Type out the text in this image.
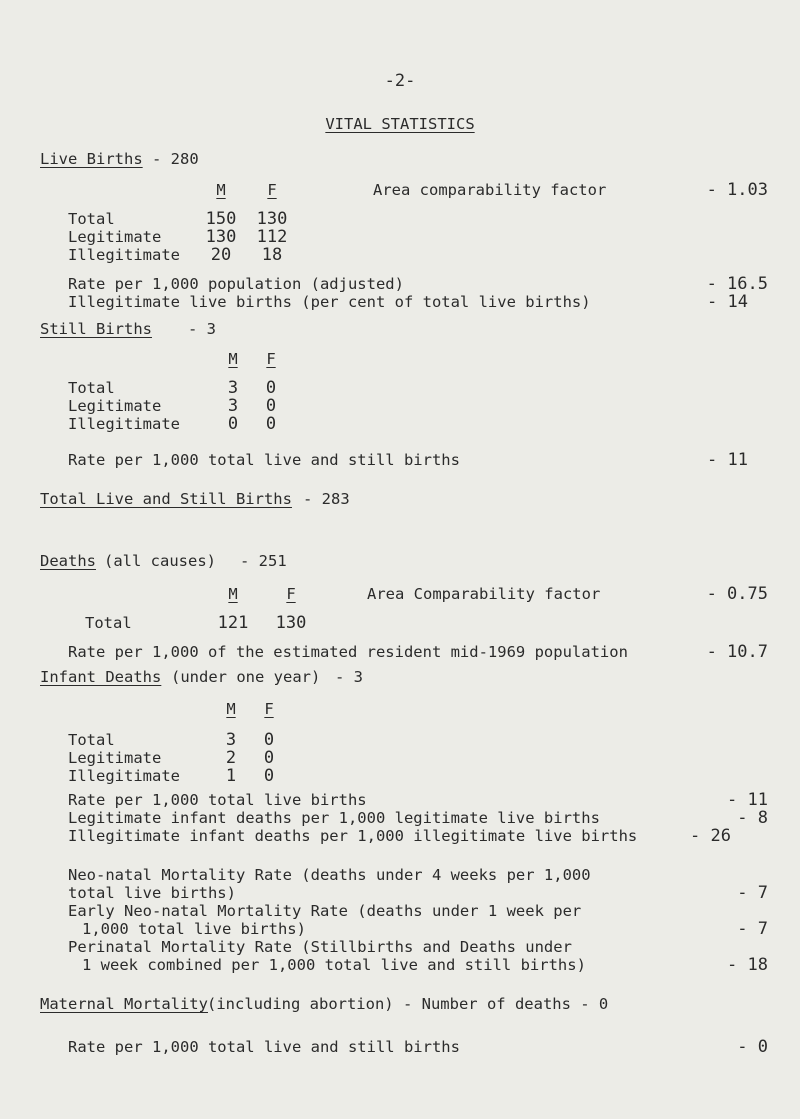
-2-
VITAL STATISTICS
Live Births - 280
M	F	Area comparability factor	- 1.03
Total	150 130
Legitimate	130 112
Illegitimate	20	18
Rate per 1,000 population (adjusted)	- 16.5
Illegitimate live births (per cent of total live births)	- 14
Still Births - 3
M	F
Total	3	0
Legitimate	3	0
Illegitimate	0	0
Rate per 1,000 total live and still births	- 11
Total Live and Still Births - 283
Deaths (all causes) - 251
M	F	Area Comparability factor	- 0.75
Total	121	130
Rate per 1,000 of the estimated resident mid-1969 population	- 10.7
Infant Deaths (under one year) - 3
M	F
Total	3	0
Legitimate	2	0
Illegitimate	1	0
Rate per 1,000 total live births	- 11
Legitimate infant deaths per 1,000 legitimate live births	- 8
Illegitimate infant deaths per 1,000 illegitimate live births	- 26
Neo-natal Mortality Rate (deaths under 4 weeks per 1,000
total live births)	- 7
Early Neo-natal Mortality Rate (deaths under 1 week per
1,000 total live births)	- 7
Perinatal Mortality Rate (Stillbirths and Deaths under
1 week combined per 1,000 total live and still births)	- 18
Maternal Mortality (including abortion) - Number of deaths - 0
Rate per 1,000 total live and still births	- 0
